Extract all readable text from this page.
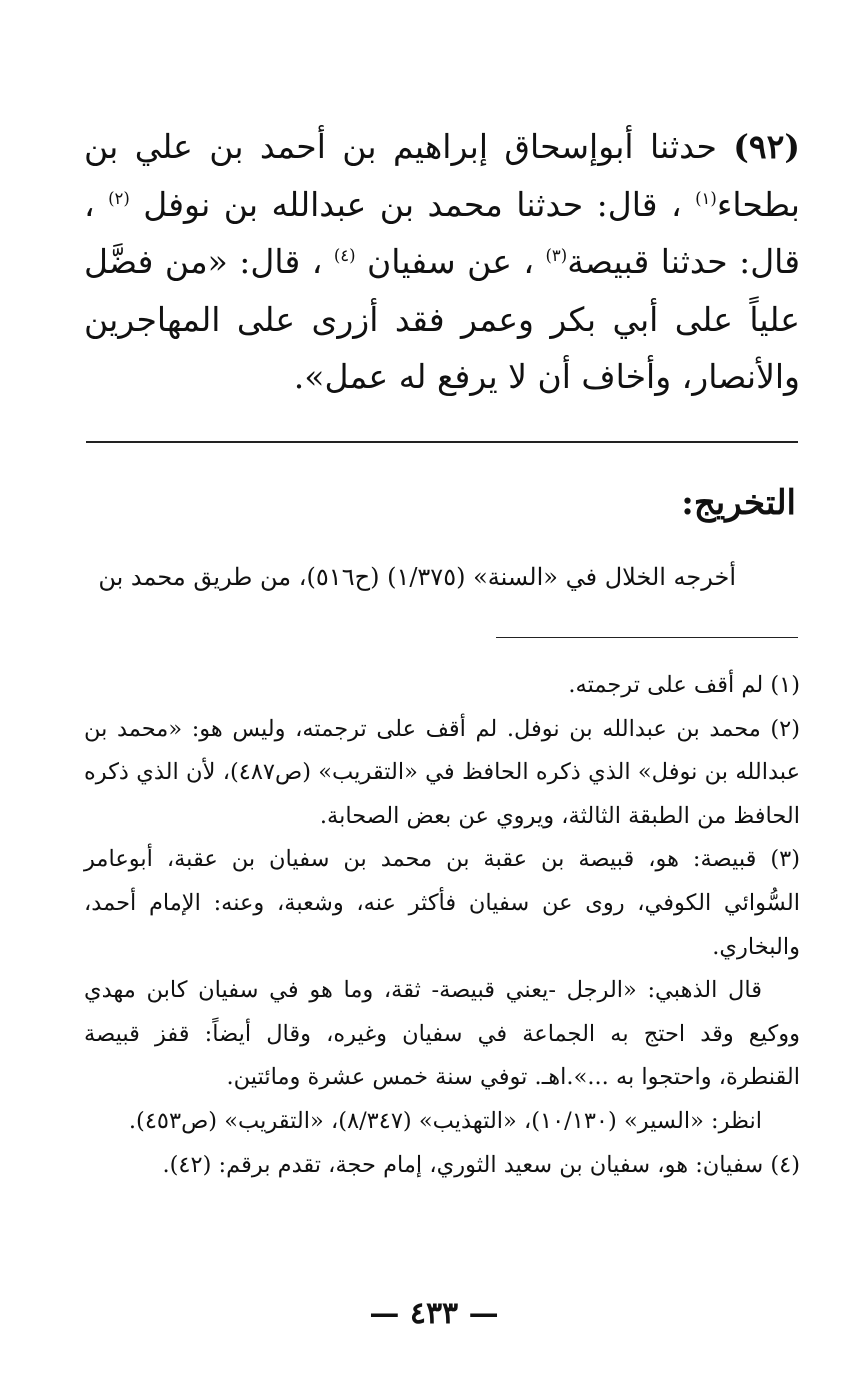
(٩٢) حدثنا أبوإسحاق إبراهيم بن أحمد بن علي بن بطحاء$^{(١)}$ ، قال: حدثنا محمد بن عبدالله بن نوفل $^{(٢)}$ ، قال: حدثنا قبيصة$^{(٣)}$ ، عن سفيان $^{(٤)}$ ، قال: «من فضَّل علياً على أبي بكر وعمر فقد أزرى على المهاجرين والأنصار، وأخاف أن لا يرفع له عمل».
التخريج:
أخرجه الخلال في «السنة» (١/٣٧٥) (ح٥١٦)، من طريق محمد بن

(١) لم أقف على ترجمته.

(٢) محمد بن عبدالله بن نوفل. لم أقف على ترجمته، وليس هو: «محمد بن عبدالله بن نوفل» الذي ذكره الحافظ في «التقريب» (ص٤٨٧)، لأن الذي ذكره الحافظ من الطبقة الثالثة، ويروي عن بعض الصحابة.

(٣) قبيصة: هو، قبيصة بن عقبة بن محمد بن سفيان بن عقبة، أبوعامر السُّوائي الكوفي، روى عن سفيان فأكثر عنه، وشعبة، وعنه: الإمام أحمد، والبخاري.

قال الذهبي: «الرجل -يعني قبيصة- ثقة، وما هو في سفيان كابن مهدي ووكيع وقد احتج به الجماعة في سفيان وغيره، وقال أيضاً: قفز قبيصة القنطرة، واحتجوا به ...».اهـ. توفي سنة خمس عشرة ومائتين.

انظر: «السير» (١٠/١٣٠)، «التهذيب» (٨/٣٤٧)، «التقريب» (ص٤٥٣).

(٤) سفيان: هو، سفيان بن سعيد الثوري، إمام حجة، تقدم برقم: (٤٢).

— ٤٣٣ —
